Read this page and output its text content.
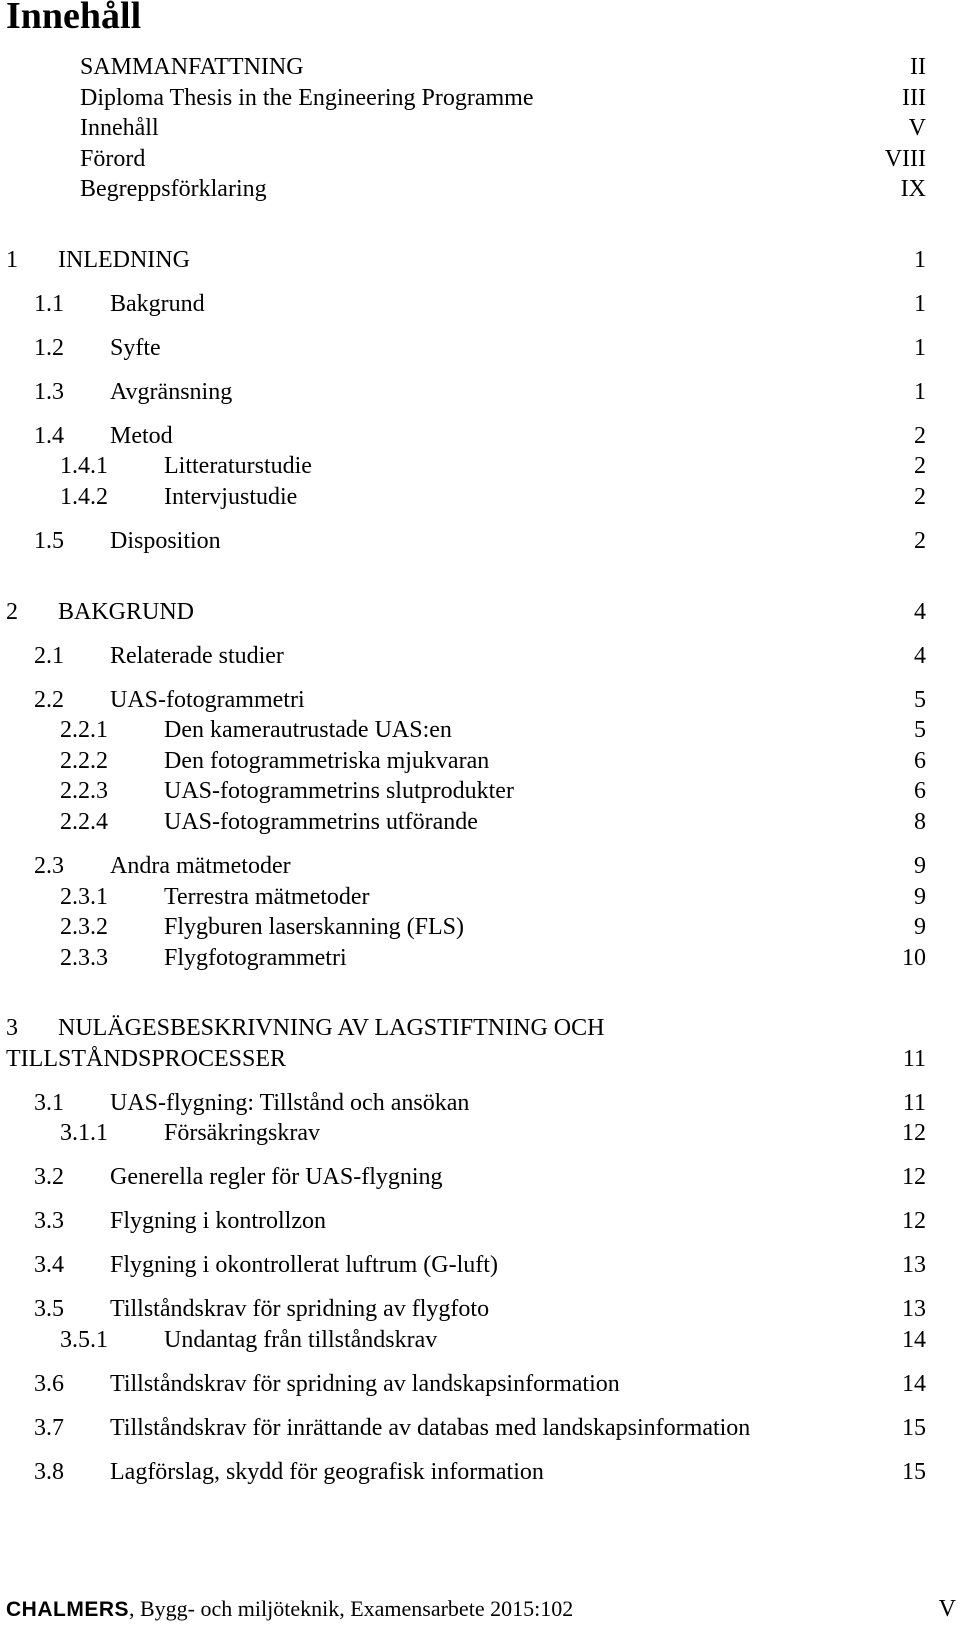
Innehåll
SAMMANFATTNING	II
Diploma Thesis in the Engineering Programme	III
Innehåll	V
Förord	VIII
Begreppsförklaring	IX
1 INLEDNING	1
1.1 Bakgrund	1
1.2 Syfte	1
1.3 Avgränsning	1
1.4 Metod	2
1.4.1 Litteraturstudie	2
1.4.2 Intervjustudie	2
1.5 Disposition	2
2 BAKGRUND	4
2.1 Relaterade studier	4
2.2 UAS-fotogrammetri	5
2.2.1 Den kamerautrustade UAS:en	5
2.2.2 Den fotogrammetriska mjukvaran	6
2.2.3 UAS-fotogrammetrins slutprodukter	6
2.2.4 UAS-fotogrammetrins utförande	8
2.3 Andra mätmetoder	9
2.3.1 Terrestra mätmetoder	9
2.3.2 Flygburen laserskanning (FLS)	9
2.3.3 Flygfotogrammetri	10
3 NULÄGESBESKRIVNING AV LAGSTIFTNING OCH
TILLSTÅNDSPROCESSER	11
3.1 UAS-flygning: Tillstånd och ansökan	11
3.1.1 Försäkringskrav	12
3.2 Generella regler för UAS-flygning	12
3.3 Flygning i kontrollzon	12
3.4 Flygning i okontrollerat luftrum (G-luft)	13
3.5 Tillståndskrav för spridning av flygfoto	13
3.5.1 Undantag från tillståndskrav	14
3.6 Tillståndskrav för spridning av landskapsinformation	14
3.7 Tillståndskrav för inrättande av databas med landskapsinformation	15
3.8 Lagförslag, skydd för geografisk information	15
CHALMERS, Bygg- och miljöteknik, Examensarbete 2015:102	V
